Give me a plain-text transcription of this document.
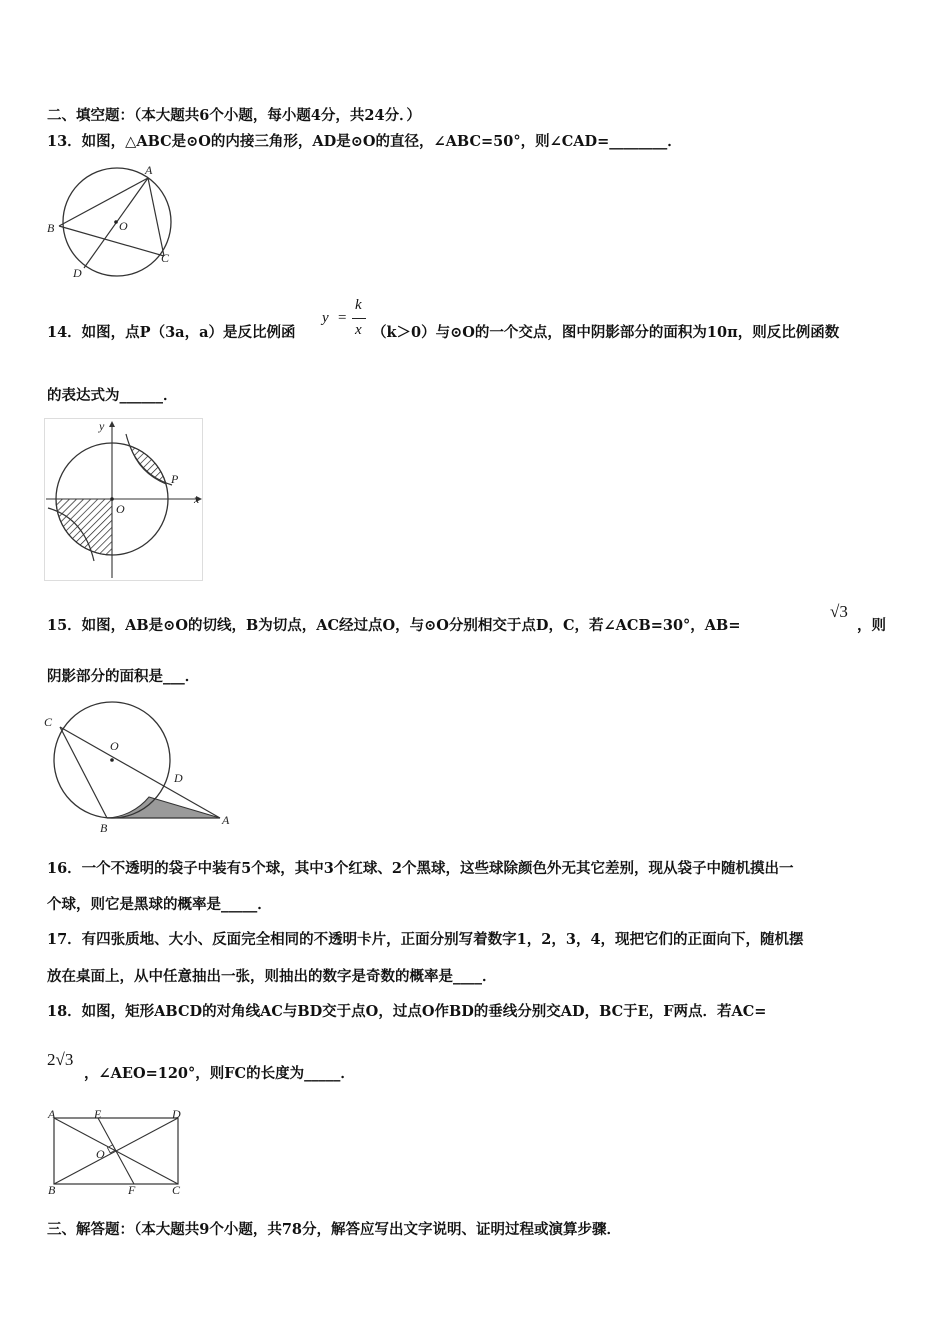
二、填空题：（本大题共6个小题，每小题4分，共24分．）
13．如图，△ABC是⊙O的内接三角形，AD是⊙O的直径，∠ABC=50°，则∠CAD=________．
A
B
C
D
O
14．如图，点P（3a，a）是反比例函
y =
k
x （k＞0）与⊙O的一个交点，图中阴影部分的面积为10π，则反比例函数
的表达式为______．
y
x
O
P
15．如图，AB是⊙O的切线，B为切点，AC经过点O，与⊙O分别相交于点D，C，若∠ACB=30°，AB=
√3
，则
阴影部分的面积是___．
C
O
D
B
A
16．一个不透明的袋子中装有5个球，其中3个红球、2个黑球，这些球除颜色外无其它差别，现从袋子中随机摸出一
个球，则它是黑球的概率是_____．
17．有四张质地、大小、反面完全相同的不透明卡片，正面分别写着数字1，2，3，4，现把它们的正面向下，随机摆
放在桌面上，从中任意抽出一张，则抽出的数字是奇数的概率是____．
18．如图，矩形ABCD的对角线AC与BD交于点O，过点O作BD的垂线分别交AD，BC于E，F两点．若AC=
2√3
，∠AEO=120°，则FC的长度为_____．
A	E	D
O
B	F	C
三、解答题：（本大题共9个小题，共78分，解答应写出文字说明、证明过程或演算步骤．
